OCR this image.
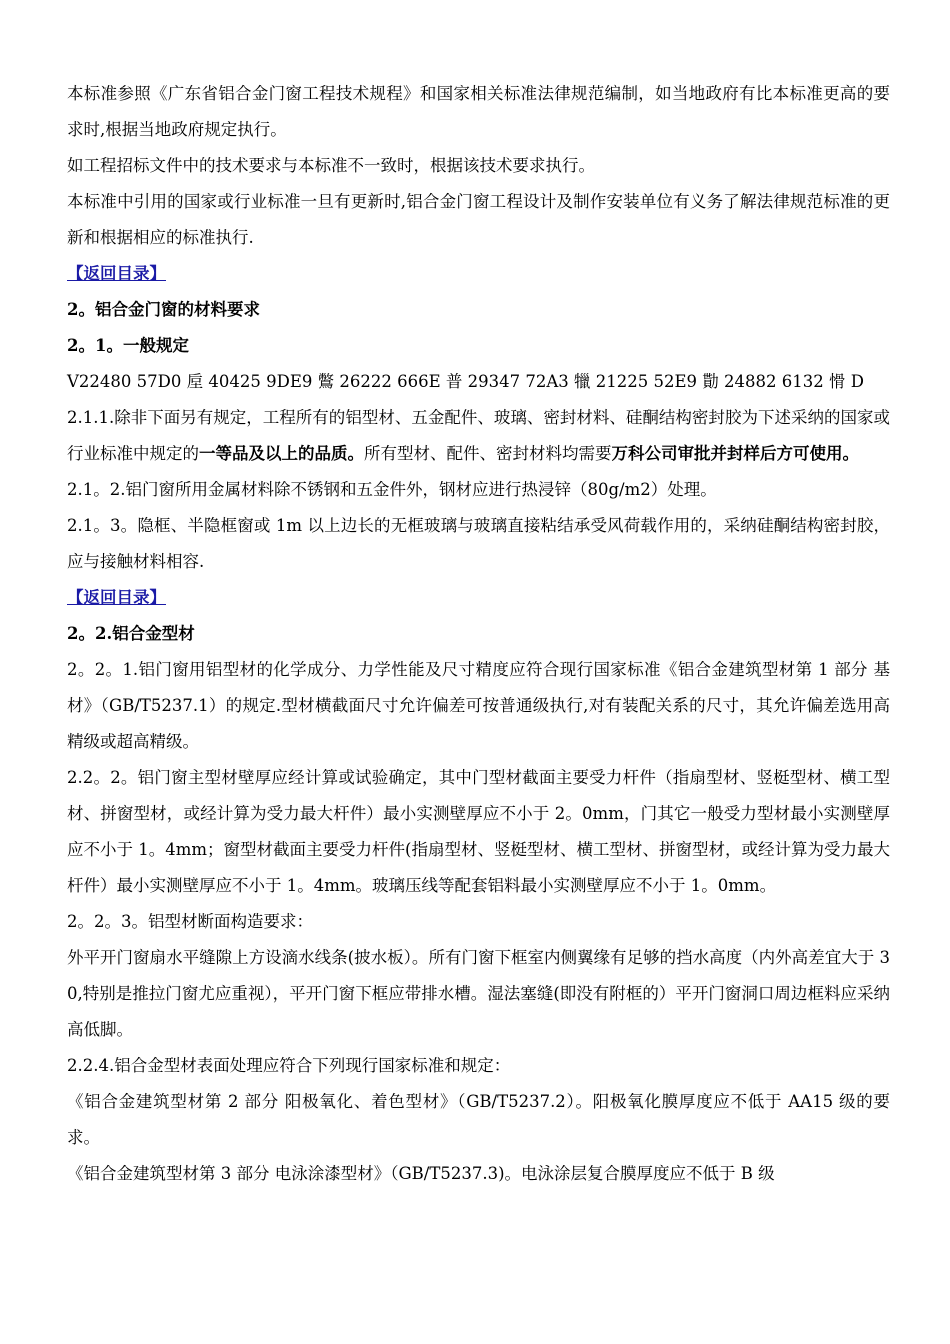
本标准参照《广东省铝合金门窗工程技术规程》和国家相关标准法律规范编制，如当地政府有比本标准更高的要求时,根据当地政府规定执行。

如工程招标文件中的技术要求与本标准不一致时，根据该技术要求执行。

本标准中引用的国家或行业标准一旦有更新时,铝合金门窗工程设计及制作安装单位有义务了解法律规范标准的更新和根据相应的标准执行.

【返回目录】

2。铝合金门窗的材料要求

2。1。一般规定

V22480 57D0 垕 40425 9DE9 鷩 26222 666E 普 29347 72A3 犣 21225 52E9 勩 24882 6132 愲 D

2.1.1.除非下面另有规定，工程所有的铝型材、五金配件、玻璃、密封材料、硅酮结构密封胶为下述采纳的国家或行业标准中规定的一等品及以上的品质。所有型材、配件、密封材料均需要万科公司审批并封样后方可使用。

2.1。2.铝门窗所用金属材料除不锈钢和五金件外，钢材应进行热浸锌（80g/m2）处理。

2.1。3。隐框、半隐框窗或 1m 以上边长的无框玻璃与玻璃直接粘结承受风荷载作用的，采纳硅酮结构密封胶，应与接触材料相容.

【返回目录】

2。2.铝合金型材

2。2。1.铝门窗用铝型材的化学成分、力学性能及尺寸精度应符合现行国家标准《铝合金建筑型材第 1 部分 基材》（GB/T5237.1）的规定.型材横截面尺寸允许偏差可按普通级执行,对有装配关系的尺寸，其允许偏差选用高精级或超高精级。

2.2。2。铝门窗主型材壁厚应经计算或试验确定，其中门型材截面主要受力杆件（指扇型材、竖梃型材、横工型材、拼窗型材，或经计算为受力最大杆件）最小实测壁厚应不小于 2。0mm，门其它一般受力型材最小实测壁厚应不小于 1。4mm；窗型材截面主要受力杆件(指扇型材、竖梃型材、横工型材、拼窗型材，或经计算为受力最大杆件）最小实测壁厚应不小于 1。4mm。玻璃压线等配套铝料最小实测壁厚应不小于 1。0mm。

2。2。3。铝型材断面构造要求：

外平开门窗扇水平缝隙上方设滴水线条(披水板）。所有门窗下框室内侧翼缘有足够的挡水高度（内外高差宜大于 30,特别是推拉门窗尤应重视），平开门窗下框应带排水槽。湿法塞缝(即没有附框的）平开门窗洞口周边框料应采纳高低脚。

2.2.4.铝合金型材表面处理应符合下列现行国家标准和规定：

《铝合金建筑型材第 2 部分 阳极氧化、着色型材》（GB/T5237.2）。阳极氧化膜厚度应不低于 AA15 级的要求。

《铝合金建筑型材第 3 部分 电泳涂漆型材》（GB/T5237.3)。电泳涂层复合膜厚度应不低于 B 级
